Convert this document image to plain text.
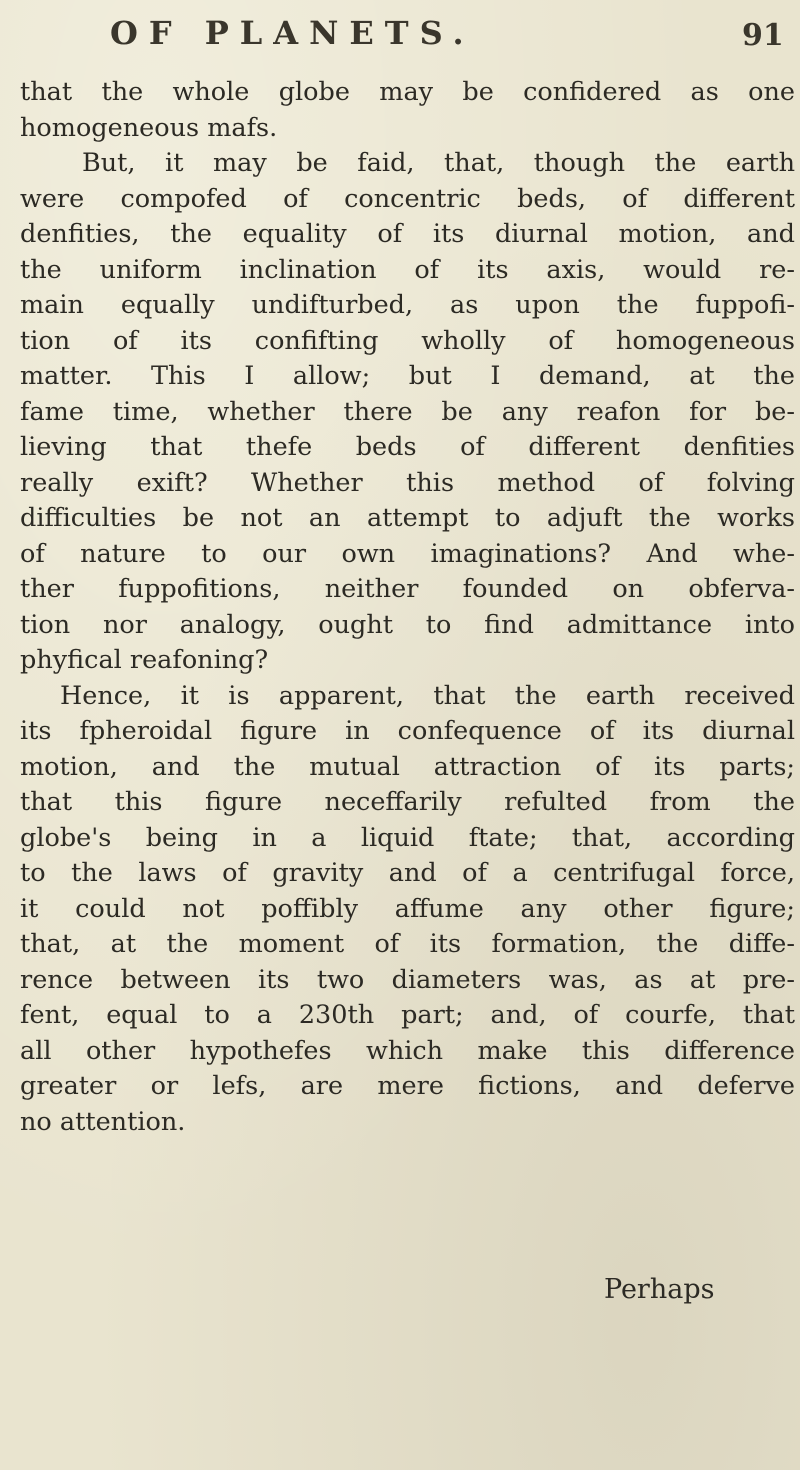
OF PLANETS.	91
that the whole globe may be confidered as one
homogeneous mafs.
But, it may be faid, that, though the earth
were compofed of concentric beds, of different
denfities, the equality of its diurnal motion, and
the uniform inclination of its axis, would re-
main equally undifturbed, as upon the fuppofi-
tion of its confifting wholly of homogeneous
matter. This I allow; but I demand, at the
fame time, whether there be any reafon for be-
lieving that thefe beds of different denfities
really exift? Whether this method of folving
difficulties be not an attempt to adjuft the works
of nature to our own imaginations? And whe-
ther fuppofitions, neither founded on obferva-
tion nor analogy, ought to find admittance into
phyfical reafoning?
Hence, it is apparent, that the earth received
its fpheroidal figure in confequence of its diurnal
motion, and the mutual attraction of its parts;
that this figure neceffarily refulted from the
globe's being in a liquid ftate; that, according
to the laws of gravity and of a centrifugal force,
it could not poffibly affume any other figure;
that, at the moment of its formation, the diffe-
rence between its two diameters was, as at pre-
fent, equal to a 230th part; and, of courfe, that
all other hypothefes which make this difference
greater or lefs, are mere fictions, and deferve
no attention.
Perhaps
